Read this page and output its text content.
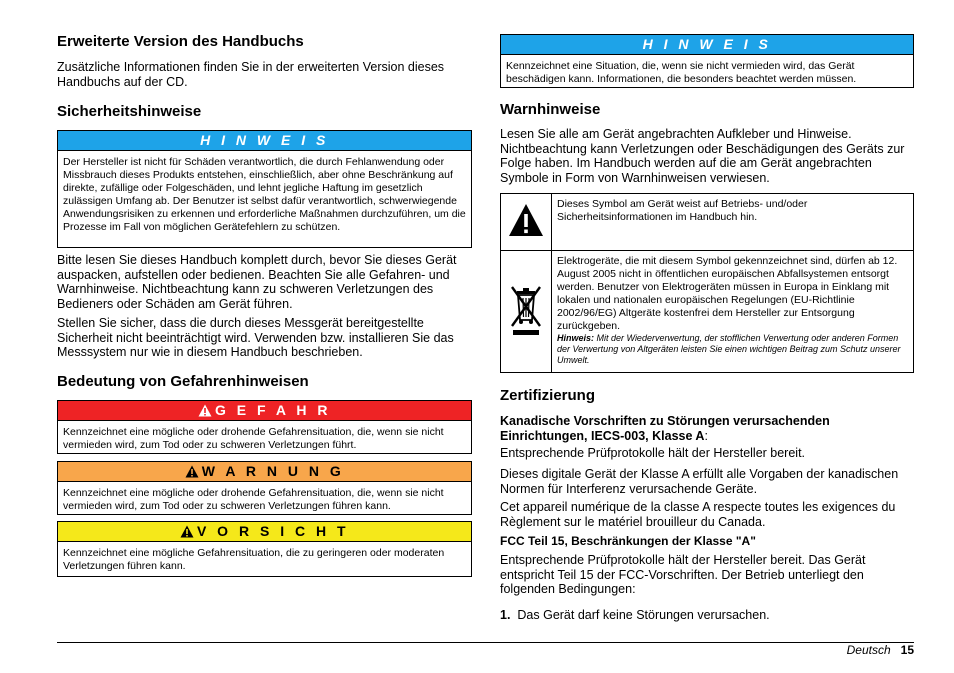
Erweiterte Version des Handbuchs

Zusätzliche Informationen finden Sie in der erweiterten Version dieses Handbuchs auf der CD.

Sicherheitshinweise
H I N W E I S
Der Hersteller ist nicht für Schäden verantwortlich, die durch Fehlanwendung oder Missbrauch dieses Produkts entstehen, einschließlich, aber ohne Beschränkung auf direkte, zufällige oder Folgeschäden, und lehnt jegliche Haftung im gesetzlich zulässigen Umfang ab. Der Benutzer ist selbst dafür verantwortlich, schwerwiegende Anwendungsrisiken zu erkennen und erforderliche Maßnahmen durchzuführen, um die Prozesse im Fall von möglichen Gerätefehlern zu schützen.

Bitte lesen Sie dieses Handbuch komplett durch, bevor Sie dieses Gerät auspacken, aufstellen oder bedienen. Beachten Sie alle Gefahren- und Warnhinweise. Nichtbeachtung kann zu schweren Verletzungen des Bedieners oder Schäden am Gerät führen.

Stellen Sie sicher, dass die durch dieses Messgerät bereitgestellte Sicherheit nicht beeinträchtigt wird. Verwenden bzw. installieren Sie das Messsystem nur wie in diesem Handbuch beschrieben.

Bedeutung von Gefahrenhinweisen
G E F A H R
Kennzeichnet eine mögliche oder drohende Gefahrensituation, die, wenn sie nicht vermieden wird, zum Tod oder zu schweren Verletzungen führt.
W A R N U N G
Kennzeichnet eine mögliche oder drohende Gefahrensituation, die, wenn sie nicht vermieden wird, zum Tod oder zu schweren Verletzungen führen kann.
V O R S I C H T
Kennzeichnet eine mögliche Gefahrensituation, die zu geringeren oder moderaten Verletzungen führen kann.
H I N W E I S
Kennzeichnet eine Situation, die, wenn sie nicht vermieden wird, das Gerät beschädigen kann. Informationen, die besonders beachtet werden müssen.
Warnhinweise

Lesen Sie alle am Gerät angebrachten Aufkleber und Hinweise. Nichtbeachtung kann Verletzungen oder Beschädigungen des Geräts zur Folge haben. Im Handbuch werden auf die am Gerät angebrachten Symbole in Form von Warnhinweisen verwiesen.

	Dieses Symbol am Gerät weist auf Betriebs- und/oder Sicherheitsinformationen im Handbuch hin.

Elektrogeräte, die mit diesem Symbol gekennzeichnet sind, dürfen ab 12. August 2005 nicht in öffentlichen europäischen Abfallsystemen entsorgt werden. Benutzer von Elektrogeräten müssen in Europa in Einklang mit lokalen und nationalen europäischen Regelungen (EU-Richtlinie 2002/96/EG) Altgeräte kostenfrei dem Hersteller zur Entsorgung zurückgeben.
Hinweis: Mit der Wiederverwertung, der stofflichen Verwertung oder anderen Formen der Verwertung von Altgeräten leisten Sie einen wichtigen Beitrag zum Schutz unserer Umwelt.
Zertifizierung

Kanadische Vorschriften zu Störungen verursachenden Einrichtungen, IECS-003, Klasse A:

Entsprechende Prüfprotokolle hält der Hersteller bereit.

Dieses digitale Gerät der Klasse A erfüllt alle Vorgaben der kanadischen Normen für Interferenz verursachende Geräte.

Cet appareil numérique de la classe A respecte toutes les exigences du Règlement sur le matériel brouilleur du Canada.

FCC Teil 15, Beschränkungen der Klasse "A"

Entsprechende Prüfprotokolle hält der Hersteller bereit. Das Gerät entspricht Teil 15 der FCC-Vorschriften. Der Betrieb unterliegt den folgenden Bedingungen:

1. Das Gerät darf keine Störungen verursachen.

Deutsch 15
